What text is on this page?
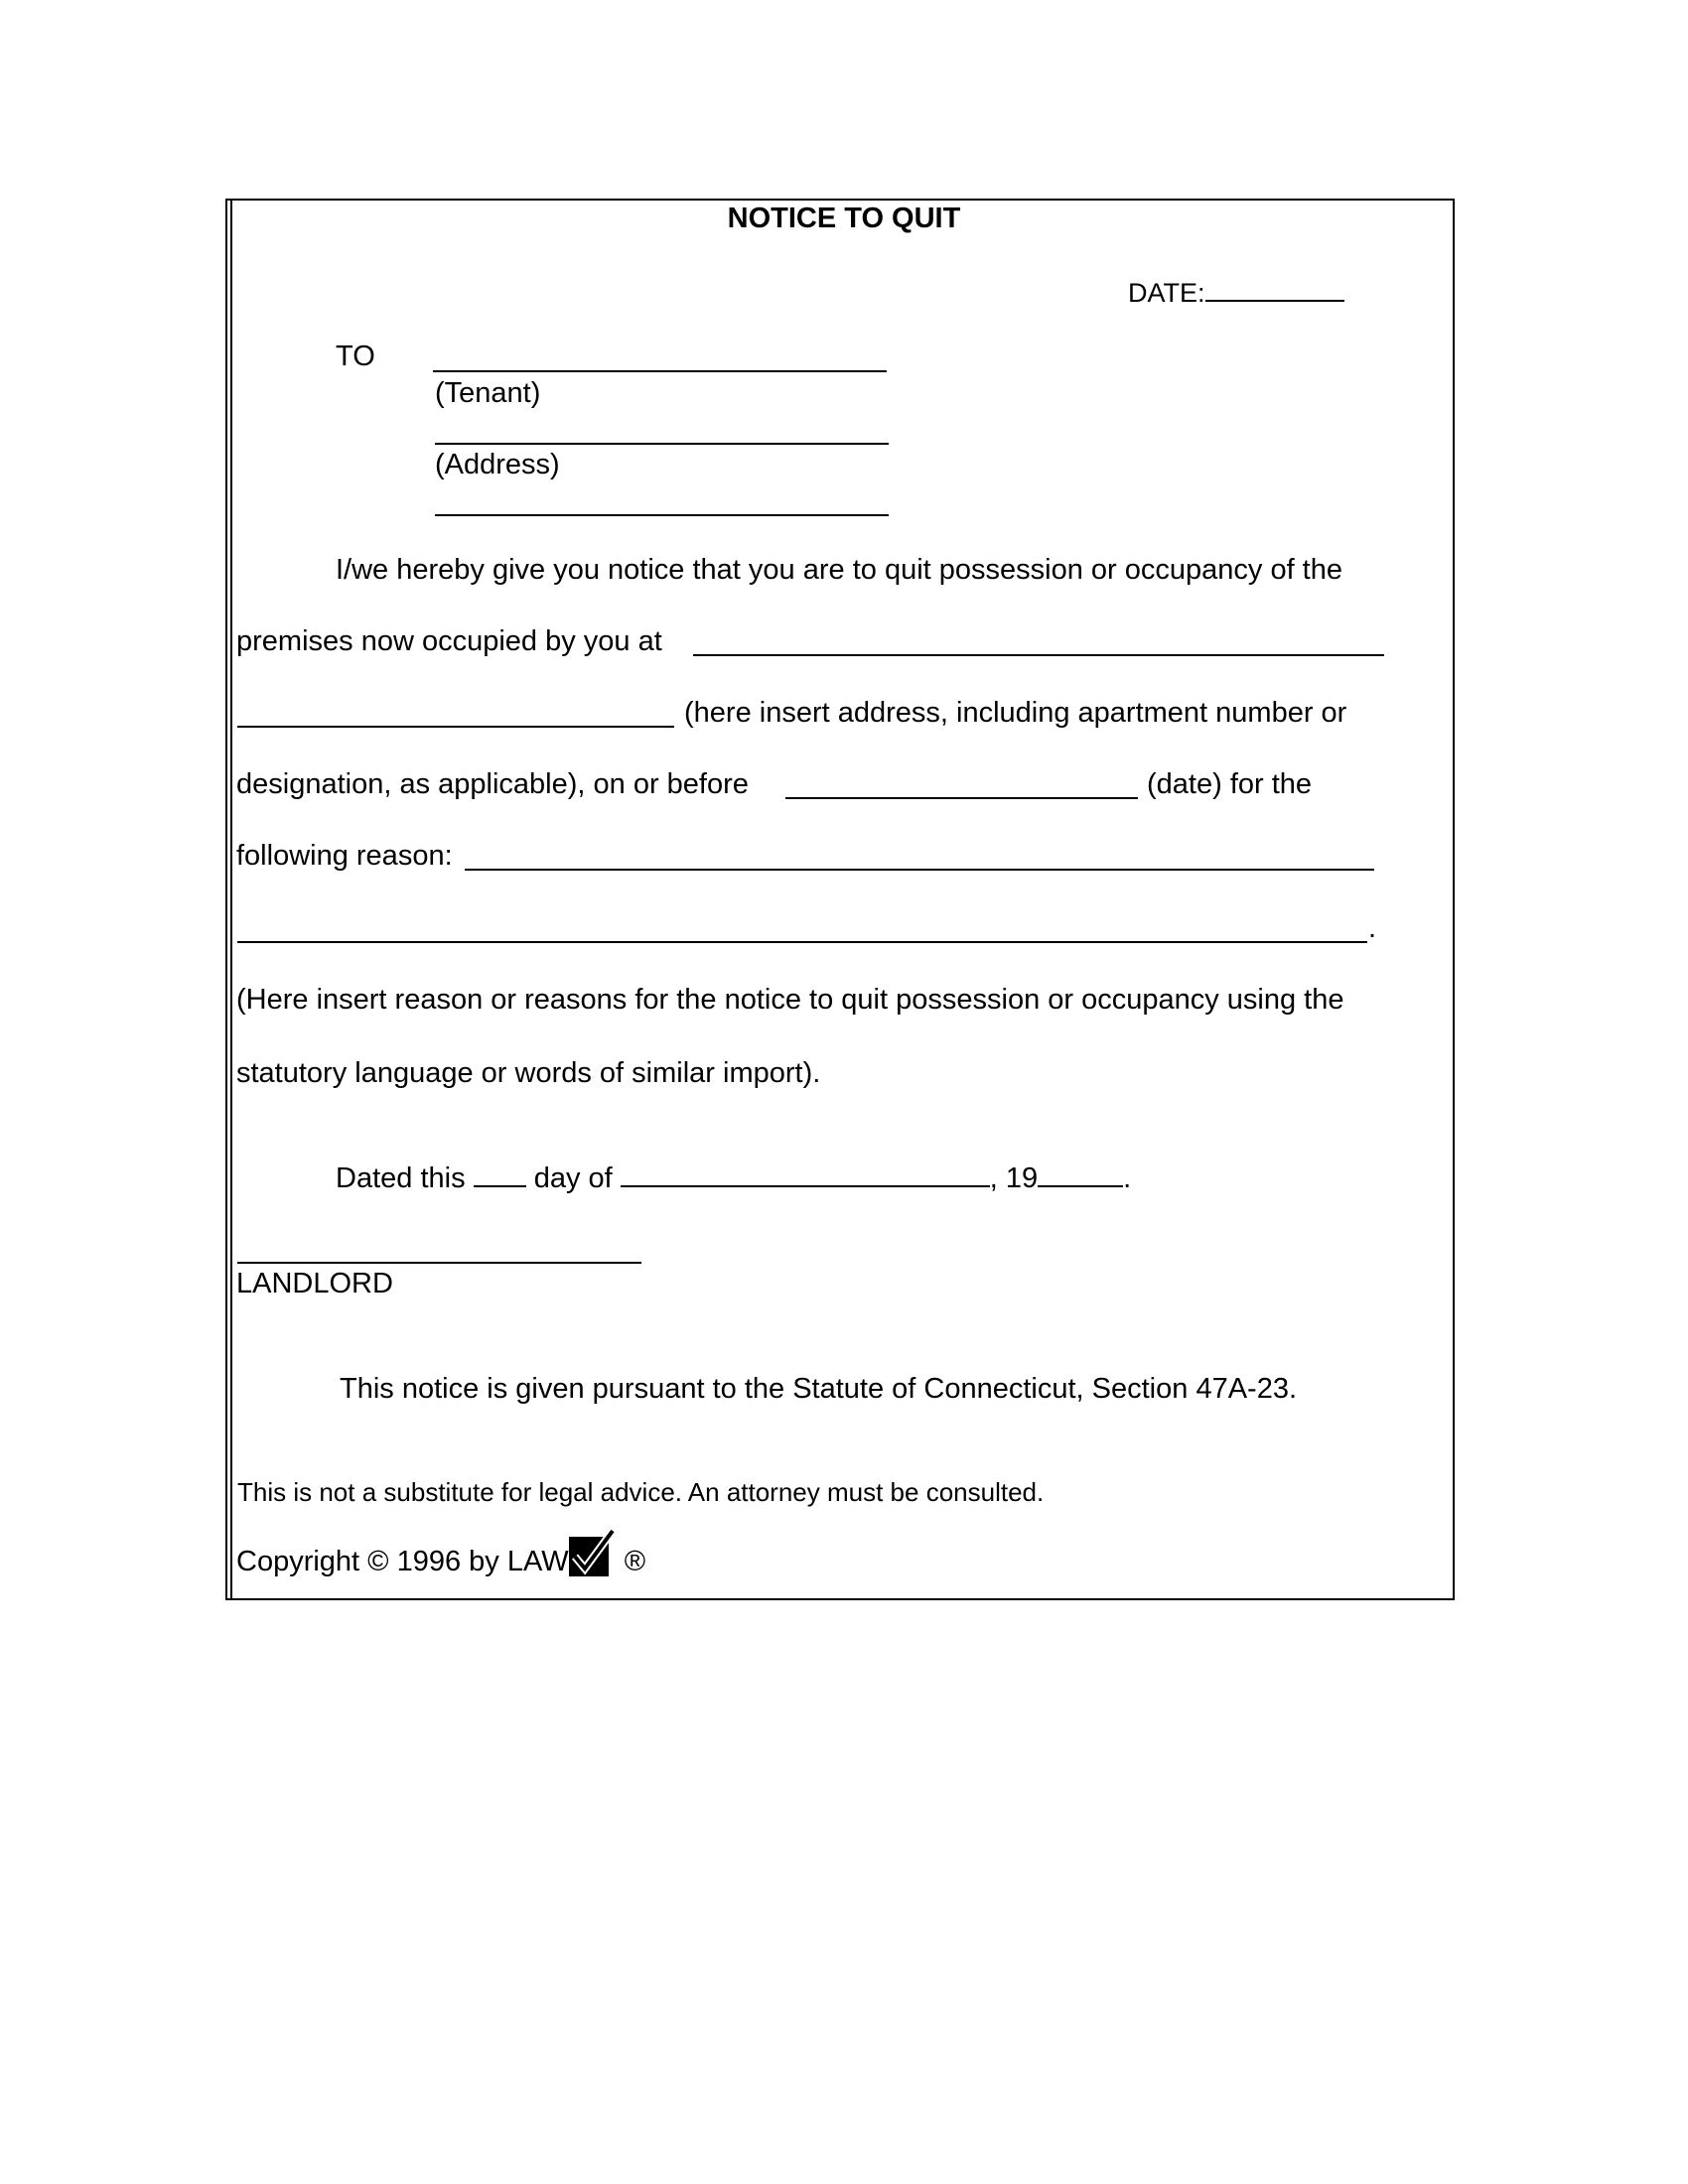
NOTICE TO QUIT
DATE:
TO
(Tenant)
(Address)
I/we hereby give you notice that you are to quit possession or occupancy of the
premises now occupied by you at
(here insert address, including apartment number or
designation, as applicable), on or before	(date) for the
following reason:
.
(Here insert reason or reasons for the notice to quit possession or occupancy using the
statutory language or words of similar import).
Dated this day of	, 19	.
LANDLORD
This notice is given pursuant to the Statute of Connecticut, Section 47A-23.
This is not a substitute for legal advice. An attorney must be consulted.
Copyright © 1996 by LAW ®
